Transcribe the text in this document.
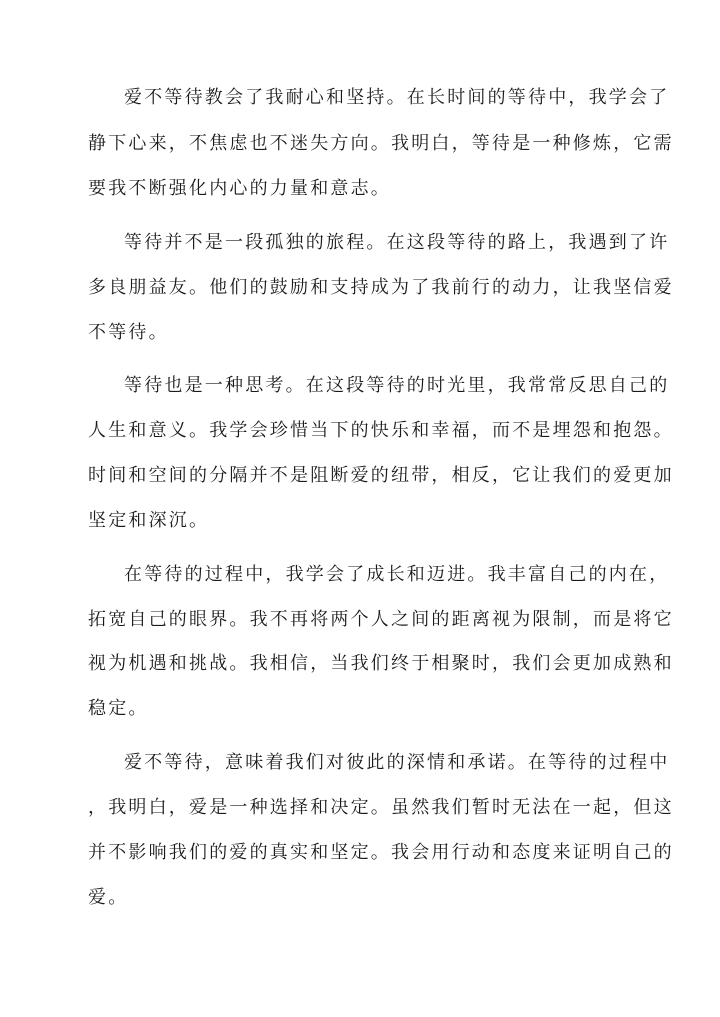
爱不等待教会了我耐心和坚持。在长时间的等待中，我学会了
静下心来，不焦虑也不迷失方向。我明白，等待是一种修炼，它需
要我不断强化内心的力量和意志。
等待并不是一段孤独的旅程。在这段等待的路上，我遇到了许
多良朋益友。他们的鼓励和支持成为了我前行的动力，让我坚信爱
不等待。
等待也是一种思考。在这段等待的时光里，我常常反思自己的
人生和意义。我学会珍惜当下的快乐和幸福，而不是埋怨和抱怨。
时间和空间的分隔并不是阻断爱的纽带，相反，它让我们的爱更加
坚定和深沉。
在等待的过程中，我学会了成长和迈进。我丰富自己的内在，
拓宽自己的眼界。我不再将两个人之间的距离视为限制，而是将它
视为机遇和挑战。我相信，当我们终于相聚时，我们会更加成熟和
稳定。
爱不等待，意味着我们对彼此的深情和承诺。在等待的过程中
，我明白，爱是一种选择和决定。虽然我们暂时无法在一起，但这
并不影响我们的爱的真实和坚定。我会用行动和态度来证明自己的
爱。
